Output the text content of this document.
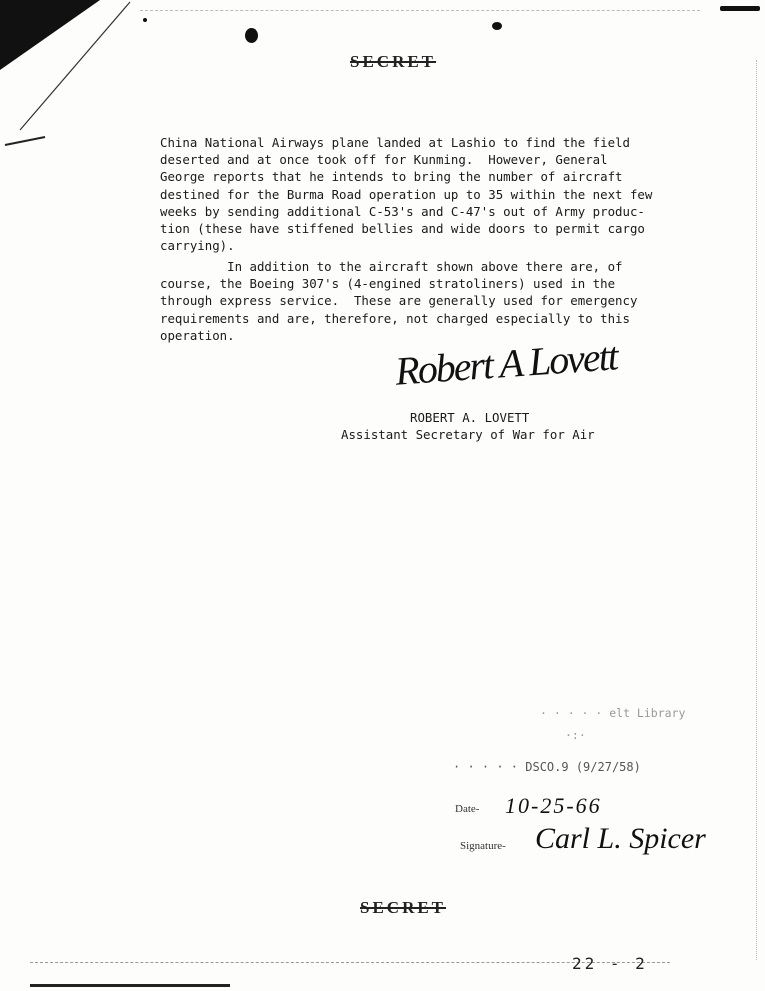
SECRET
China National Airways plane landed at Lashio to find the field
deserted and at once took off for Kunming.  However, General
George reports that he intends to bring the number of aircraft
destined for the Burma Road operation up to 35 within the next few
weeks by sending additional C-53's and C-47's out of Army produc-
tion (these have stiffened bellies and wide doors to permit cargo
carrying).
In addition to the aircraft shown above there are, of
course, the Boeing 307's (4-engined stratoliners) used in the
through express service.  These are generally used for emergency
requirements and are, therefore, not charged especially to this
operation.	Robert A Lovett
ROBERT A. LOVETT
Assistant Secretary of War for Air
· · · · · elt Library
·:·
· · · · · DSCO.9 (9/27/58)
Date- 10-25-66
Signature- Carl L. Spicer
SECRET
22 - 2
